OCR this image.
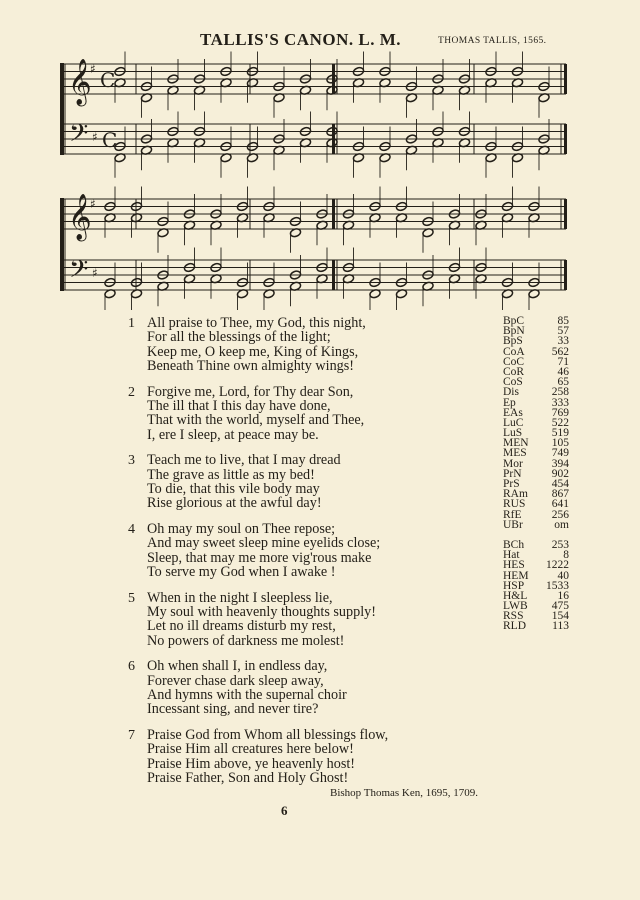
TALLIS'S CANON. L. M.	THOMAS TALLIS, 1565.
𝄞
𝄢
♯
♯
C
C
𝄞
𝄢
♯
♯
1 All praise to Thee, my God, this night,
For all the blessings of the light;
Keep me, O keep me, King of Kings,
Beneath Thine own almighty wings!
2 Forgive me, Lord, for Thy dear Son,
The ill that I this day have done,
That with the world, myself and Thee,
I, ere I sleep, at peace may be.
3 Teach me to live, that I may dread
The grave as little as my bed!
To die, that this vile body may
Rise glorious at the awful day!
4 Oh may my soul on Thee repose;
And may sweet sleep mine eyelids close;
Sleep, that may me more vig'rous make
To serve my God when I awake !
5 When in the night I sleepless lie,
My soul with heavenly thoughts supply!
Let no ill dreams disturb my rest,
No powers of darkness me molest!
6 Oh when shall I, in endless day,
Forever chase dark sleep away,
And hymns with the supernal choir
Incessant sing, and never tire?
7 Praise God from Whom all blessings flow,
Praise Him all creatures here below!
Praise Him above, ye heavenly host!
Praise Father, Son and Holy Ghost!
BpC	85
BpN	57
BpS	33
CoA 562
CoC	71
CoR	46
CoS	65
Dis	258
Ep	333
EAs	769
LuC 522
LuS	519
MEN 105
MES 749
Mor	394
PrN	902
PrS	454
RAm 867
RUS 641
RfE	256
UBr	om
BCh 253
Hat	8
HES 1222
HEM	40
HSP 1533
H&L	16
LWB 475
RSS 154
RLD 113
Bishop Thomas Ken, 1695, 1709.
6
